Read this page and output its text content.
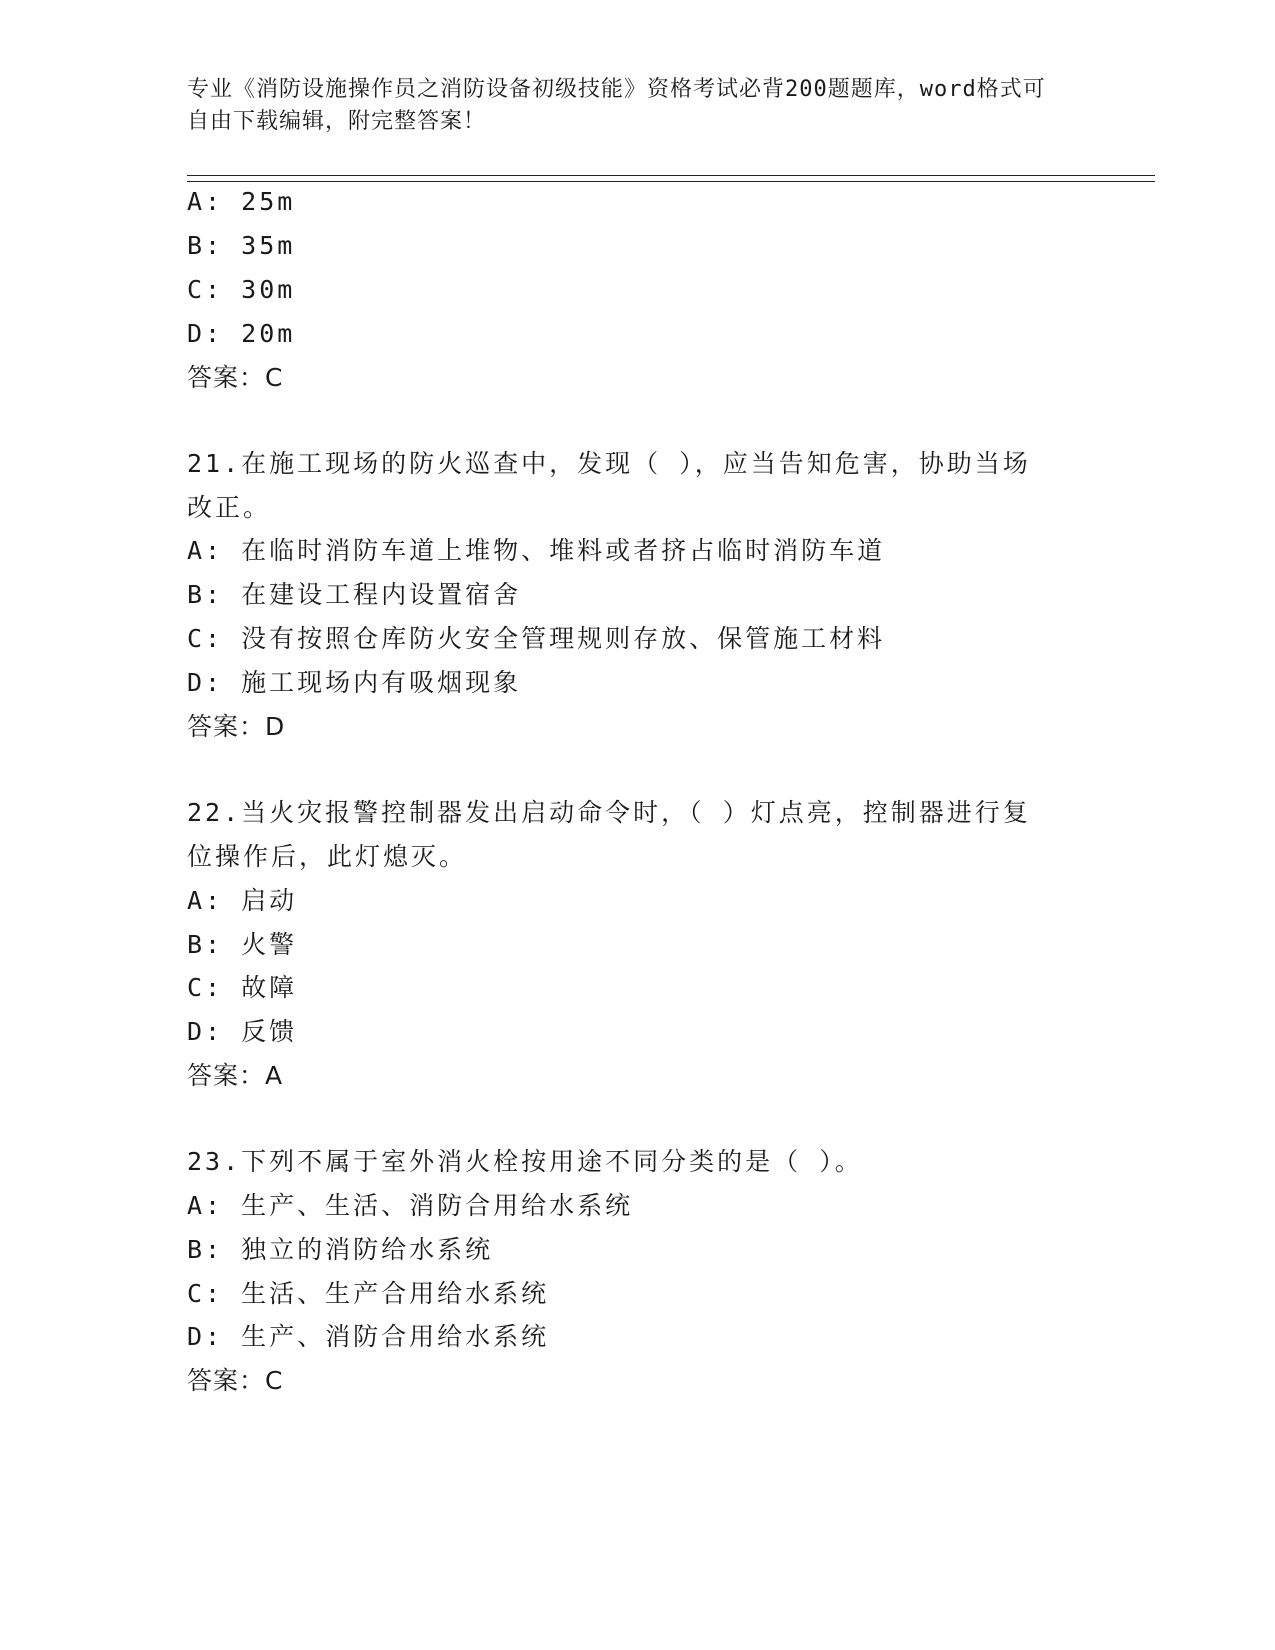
专业《消防设施操作员之消防设备初级技能》资格考试必背200题题库，word格式可自由下载编辑，附完整答案！
A: 25m
B: 35m
C: 30m
D: 20m
答案：C
21.在施工现场的防火巡查中，发现（ ），应当告知危害，协助当场
改正。
A: 在临时消防车道上堆物、堆料或者挤占临时消防车道
B: 在建设工程内设置宿舍
C: 没有按照仓库防火安全管理规则存放、保管施工材料
D: 施工现场内有吸烟现象
答案：D
22.当火灾报警控制器发出启动命令时，（ ）灯点亮，控制器进行复
位操作后，此灯熄灭。
A: 启动
B: 火警
C: 故障
D: 反馈
答案：A
23.下列不属于室外消火栓按用途不同分类的是（ ）。
A: 生产、生活、消防合用给水系统
B: 独立的消防给水系统
C: 生活、生产合用给水系统
D: 生产、消防合用给水系统
答案：C
